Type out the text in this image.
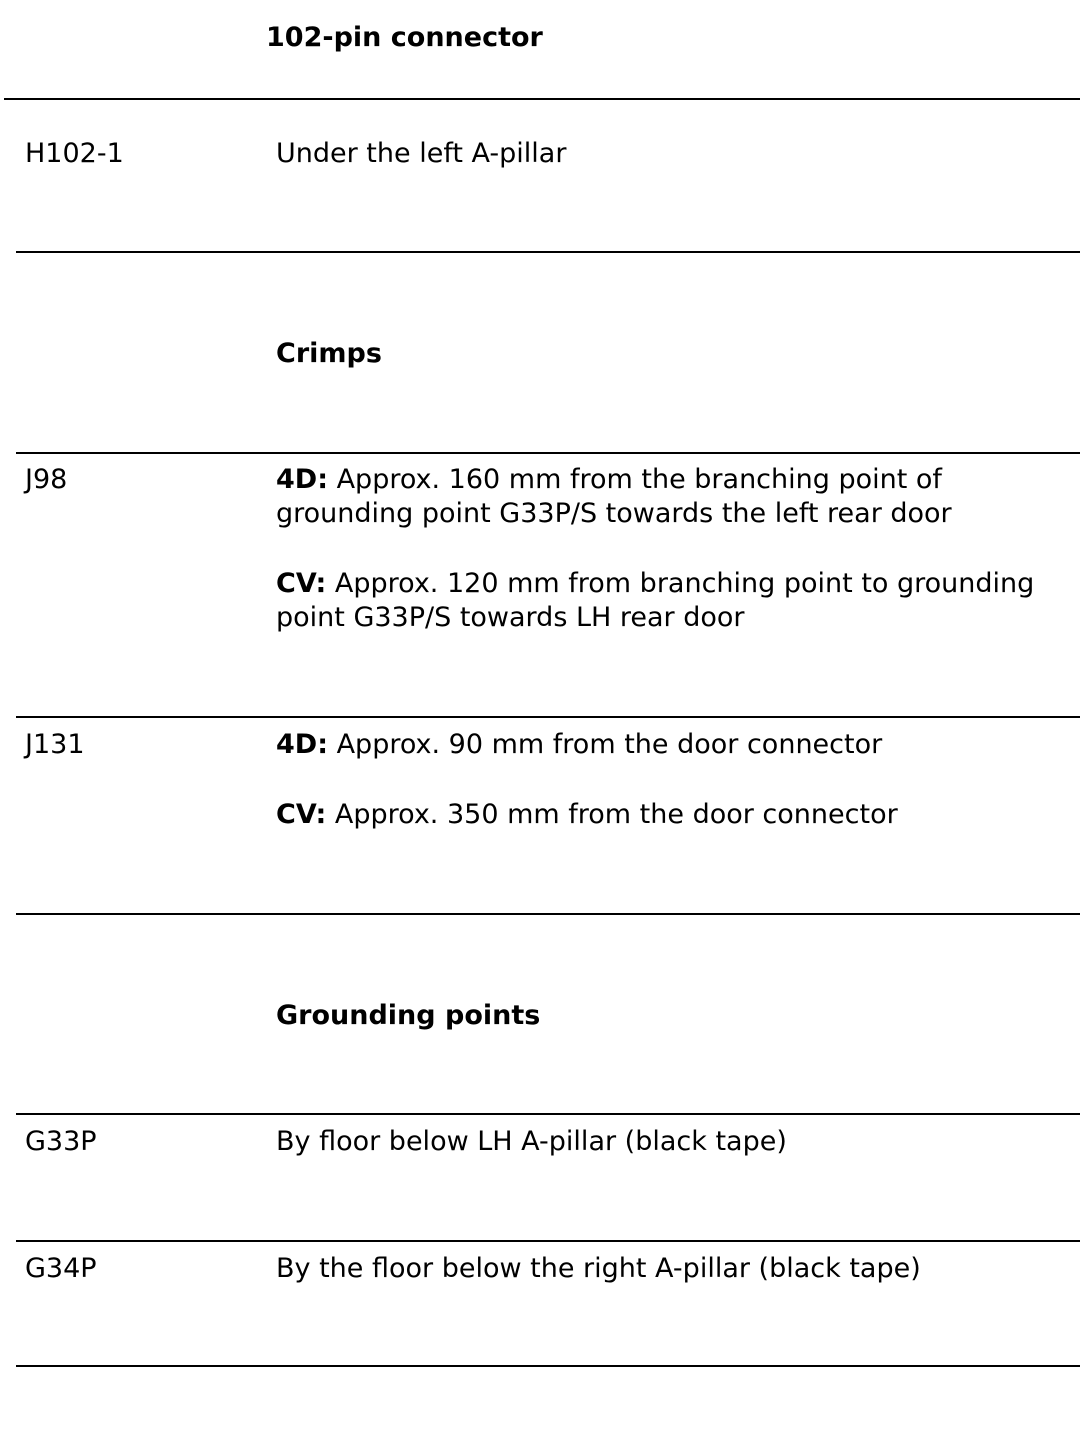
102-pin connector
H102-1	Under the left A-pillar
Crimps
J98	4D: Approx. 160 mm from the branching point of grounding point G33P/S towards the left rear door

CV: Approx. 120 mm from branching point to grounding point G33P/S towards LH rear door

J131	4D: Approx. 90 mm from the door connector

CV: Approx. 350 mm from the door connector

Grounding points
G33P	By floor below LH A-pillar (black tape)
G34P	By the floor below the right A-pillar (black tape)
